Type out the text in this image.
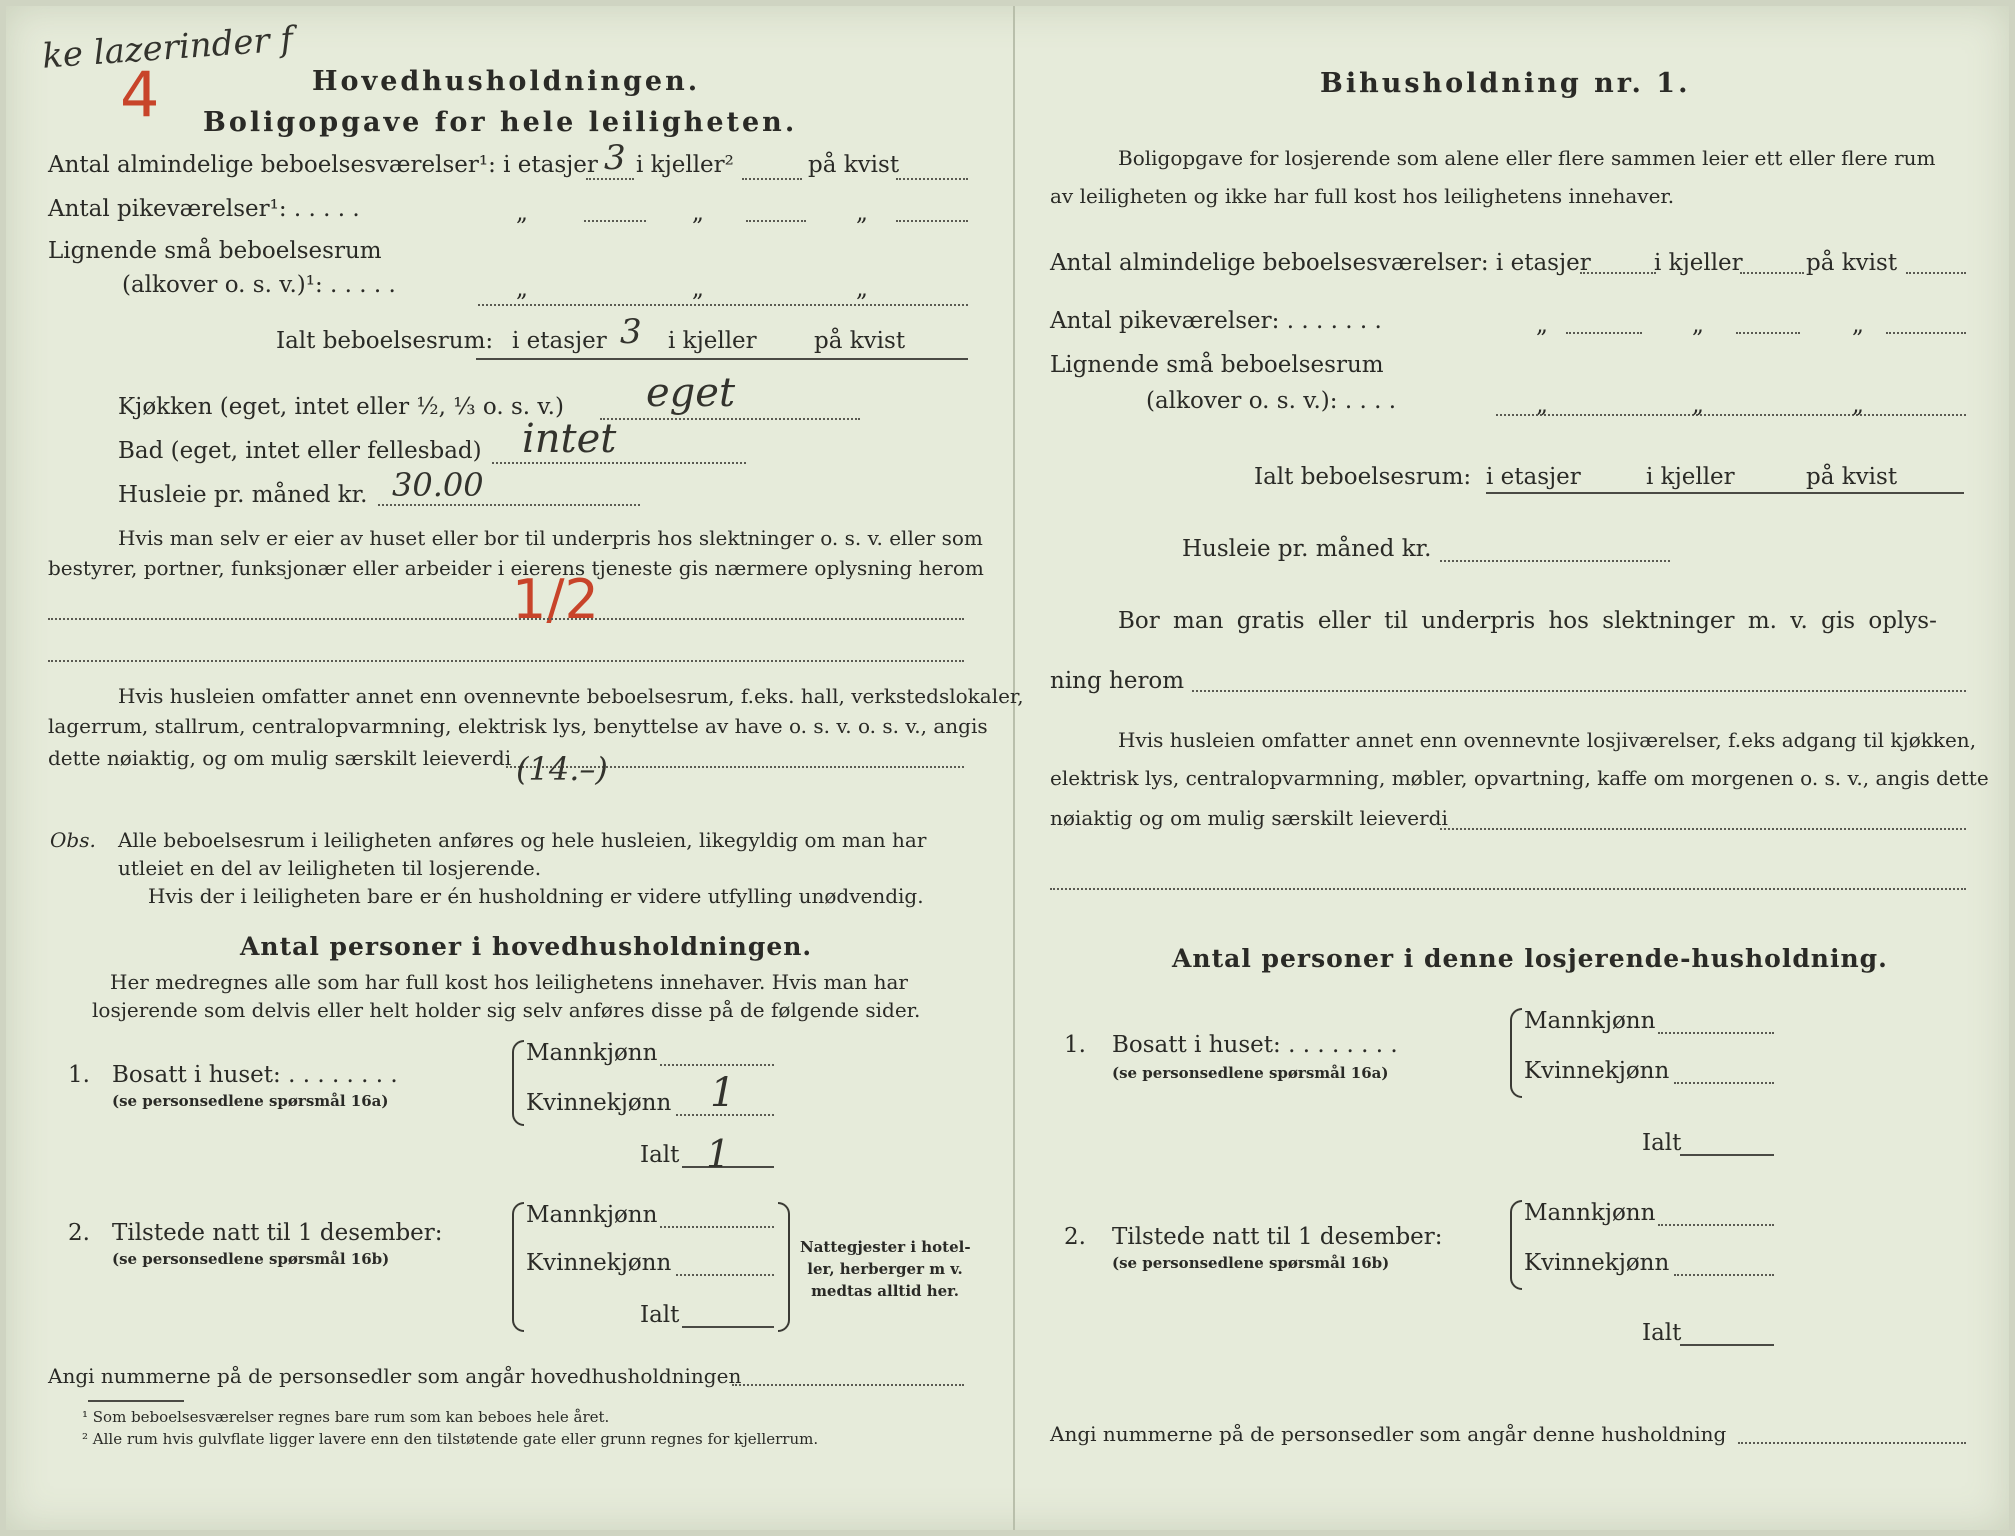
ke lazerinder f
4	Hovedhusholdningen.
Boligopgave for hele leiligheten.
Antal almindelige beboelsesværelser¹: i etasjer 3 i kjeller²	på kvist
Antal pikeværelser¹: . . . . .	„	„	„
Lignende små beboelsesrum
(alkover o. s. v.)¹: . . . . .	„	„	„
Ialt beboelsesrum: i etasjer 3 i kjeller på kvist
Kjøkken (eget, intet eller ½, ⅓ o. s. v.) eget
Bad (eget, intet eller fellesbad) intet
Husleie pr. måned kr. 30.00
Hvis man selv er eier av huset eller bor til underpris hos slektninger o. s. v. eller som
bestyrer, portner, funksjonær eller arbeider i eierens tjeneste gis nærmere oplysning herom
1/2
Hvis husleien omfatter annet enn ovennevnte beboelsesrum, f.eks. hall, verkstedslokaler,
lagerrum, stallrum, centralopvarmning, elektrisk lys, benyttelse av have o. s. v. o. s. v., angis
dette nøiaktig, og om mulig særskilt leieverdi (14.–)
Obs. Alle beboelsesrum i leiligheten anføres og hele husleien, likegyldig om man har
utleiet en del av leiligheten til losjerende.
Hvis der i leiligheten bare er én husholdning er videre utfylling unødvendig.
Antal personer i hovedhusholdningen.
Her medregnes alle som har full kost hos leilighetens innehaver. Hvis man har
losjerende som delvis eller helt holder sig selv anføres disse på de følgende sider.
1. Bosatt i huset: . . . . . . . .
(se personsedlene spørsmål 16a)
Mannkjønn
Kvinnekjønn 1
Ialt 1
2. Tilstede natt til 1 desember:
(se personsedlene spørsmål 16b)
Mannkjønn
Kvinnekjønn
Ialt
Nattegjester i hotel-
ler, herberger m v.
medtas alltid her.
Angi nummerne på de personsedler som angår hovedhusholdningen
¹ Som beboelsesværelser regnes bare rum som kan beboes hele året.
² Alle rum hvis gulvflate ligger lavere enn den tilstøtende gate eller grunn regnes for kjellerrum.
Bihusholdning nr. 1.
Boligopgave for losjerende som alene eller flere sammen leier ett eller flere rum
av leiligheten og ikke har full kost hos leilighetens innehaver.
Antal almindelige beboelsesværelser: i etasjer	i kjeller	på kvist
Antal pikeværelser: . . . . . . .	„	„	„
Lignende små beboelsesrum
(alkover o. s. v.): . . . .	„	„	„
Ialt beboelsesrum: i etasjer	i kjeller	på kvist
Husleie pr. måned kr.
Bor man gratis eller til underpris hos slektninger m. v. gis oplys-
ning herom
Hvis husleien omfatter annet enn ovennevnte losjiværelser, f.eks adgang til kjøkken,
elektrisk lys, centralopvarmning, møbler, opvartning, kaffe om morgenen o. s. v., angis dette
nøiaktig og om mulig særskilt leieverdi
Antal personer i denne losjerende-husholdning.
1. Bosatt i huset: . . . . . . . .
(se personsedlene spørsmål 16a)
Mannkjønn
Kvinnekjønn
Ialt
2. Tilstede natt til 1 desember:
(se personsedlene spørsmål 16b)
Mannkjønn
Kvinnekjønn
Ialt
Angi nummerne på de personsedler som angår denne husholdning
